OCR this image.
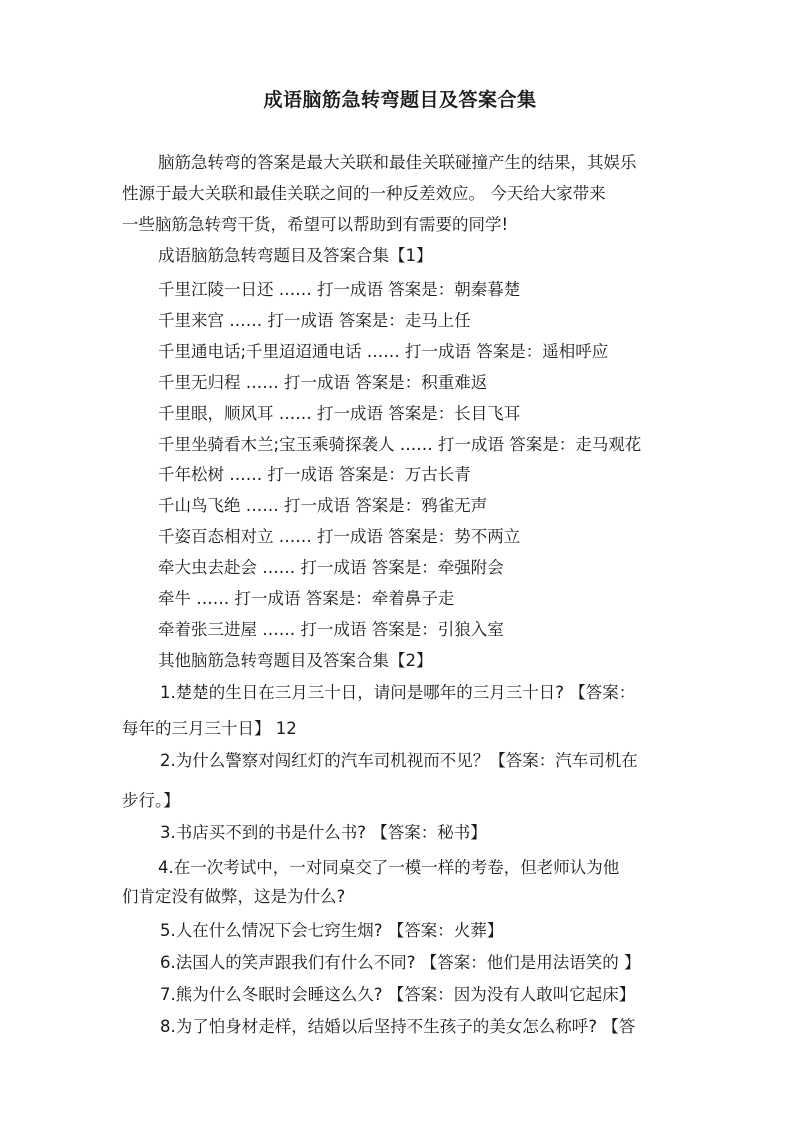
成语脑筋急转弯题目及答案合集
脑筋急转弯的答案是最大关联和最佳关联碰撞产生的结果，其娱乐
性源于最大关联和最佳关联之间的一种反差效应。 今天给大家带来
一些脑筋急转弯干货，希望可以帮助到有需要的同学!
成语脑筋急转弯题目及答案合集【1】
千里江陵一日还 …… 打一成语 答案是：朝秦暮楚
千里来宫 …… 打一成语 答案是：走马上任
千里通电话;千里迢迢通电话 …… 打一成语 答案是：遥相呼应
千里无归程 …… 打一成语 答案是：积重难返
千里眼，顺风耳 …… 打一成语 答案是：长目飞耳
千里坐骑看木兰;宝玉乘骑探袭人 …… 打一成语 答案是：走马观花
千年松树 …… 打一成语 答案是：万古长青
千山鸟飞绝 …… 打一成语 答案是：鸦雀无声
千姿百态相对立 …… 打一成语 答案是：势不两立
牵大虫去赴会 …… 打一成语 答案是：牵强附会
牵牛 …… 打一成语 答案是：牵着鼻子走
牵着张三进屋 …… 打一成语 答案是：引狼入室
其他脑筋急转弯题目及答案合集【2】
1.楚楚的生日在三月三十日，请问是哪年的三月三十日? 【答案：
每年的三月三十日】 12
2.为什么警察对闯红灯的汽车司机视而不见？【答案：汽车司机在
步行。】
3.书店买不到的书是什么书? 【答案：秘书】
4.在一次考试中，一对同桌交了一模一样的考卷，但老师认为他
们肯定没有做弊，这是为什么?
5.人在什么情况下会七窍生烟? 【答案：火葬】
6.法国人的笑声跟我们有什么不同? 【答案：他们是用法语笑的 】
7.熊为什么冬眠时会睡这么久? 【答案：因为没有人敢叫它起床】
8.为了怕身材走样，结婚以后坚持不生孩子的美女怎么称呼? 【答
